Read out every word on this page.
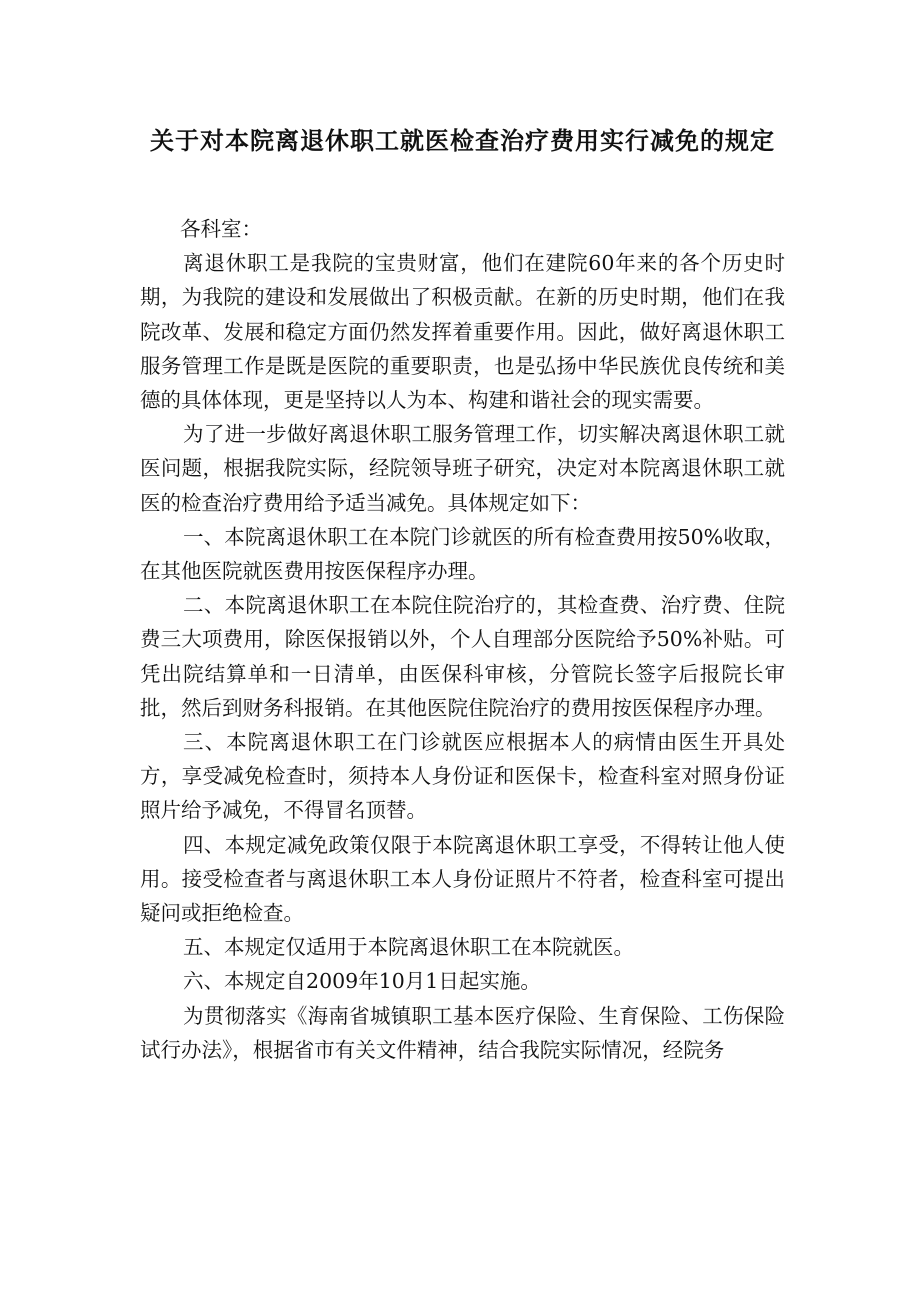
关于对本院离退休职工就医检查治疗费用实行减免的规定

各科室：

离退休职工是我院的宝贵财富，他们在建院60年来的各个历史时期，为我院的建设和发展做出了积极贡献。在新的历史时期，他们在我院改革、发展和稳定方面仍然发挥着重要作用。因此，做好离退休职工服务管理工作是既是医院的重要职责，也是弘扬中华民族优良传统和美德的具体体现，更是坚持以人为本、构建和谐社会的现实需要。

为了进一步做好离退休职工服务管理工作，切实解决离退休职工就医问题，根据我院实际，经院领导班子研究，决定对本院离退休职工就医的检查治疗费用给予适当减免。具体规定如下：

一、本院离退休职工在本院门诊就医的所有检查费用按50%收取，在其他医院就医费用按医保程序办理。

二、本院离退休职工在本院住院治疗的，其检查费、治疗费、住院费三大项费用，除医保报销以外，个人自理部分医院给予50%补贴。可凭出院结算单和一日清单，由医保科审核，分管院长签字后报院长审批，然后到财务科报销。在其他医院住院治疗的费用按医保程序办理。

三、本院离退休职工在门诊就医应根据本人的病情由医生开具处方，享受减免检查时，须持本人身份证和医保卡，检查科室对照身份证照片给予减免，不得冒名顶替。

四、本规定减免政策仅限于本院离退休职工享受，不得转让他人使用。接受检查者与离退休职工本人身份证照片不符者，检查科室可提出疑问或拒绝检查。

五、本规定仅适用于本院离退休职工在本院就医。

六、本规定自2009年10月1日起实施。

为贯彻落实《海南省城镇职工基本医疗保险、生育保险、工伤保险试行办法》，根据省市有关文件精神，结合我院实际情况，经院务
